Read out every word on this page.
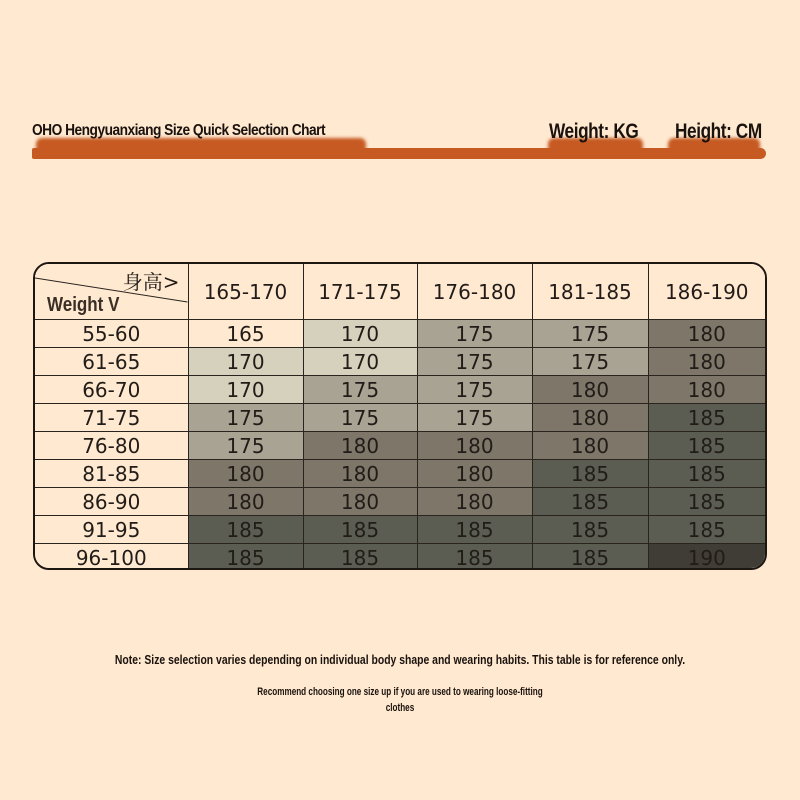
OHO Hengyuanxiang Size Quick Selection Chart	Weight: KG Height: CM
身高>
Weight V	165-170	171-175	176-180	181-185	186-190
55-60	165	170	175	175	180
61-65	170	170	175	175	180
66-70	170	175	175	180	180
71-75	175	175	175	180	185
76-80	175	180	180	180	185
81-85	180	180	180	185	185
86-90	180	180	180	185	185
91-95	185	185	185	185	185
96-100	185	185	185	185	190
Note: Size selection varies depending on individual body shape and wearing habits. This table is for reference only.
Recommend choosing one size up if you are used to wearing loose-fitting
clothes
